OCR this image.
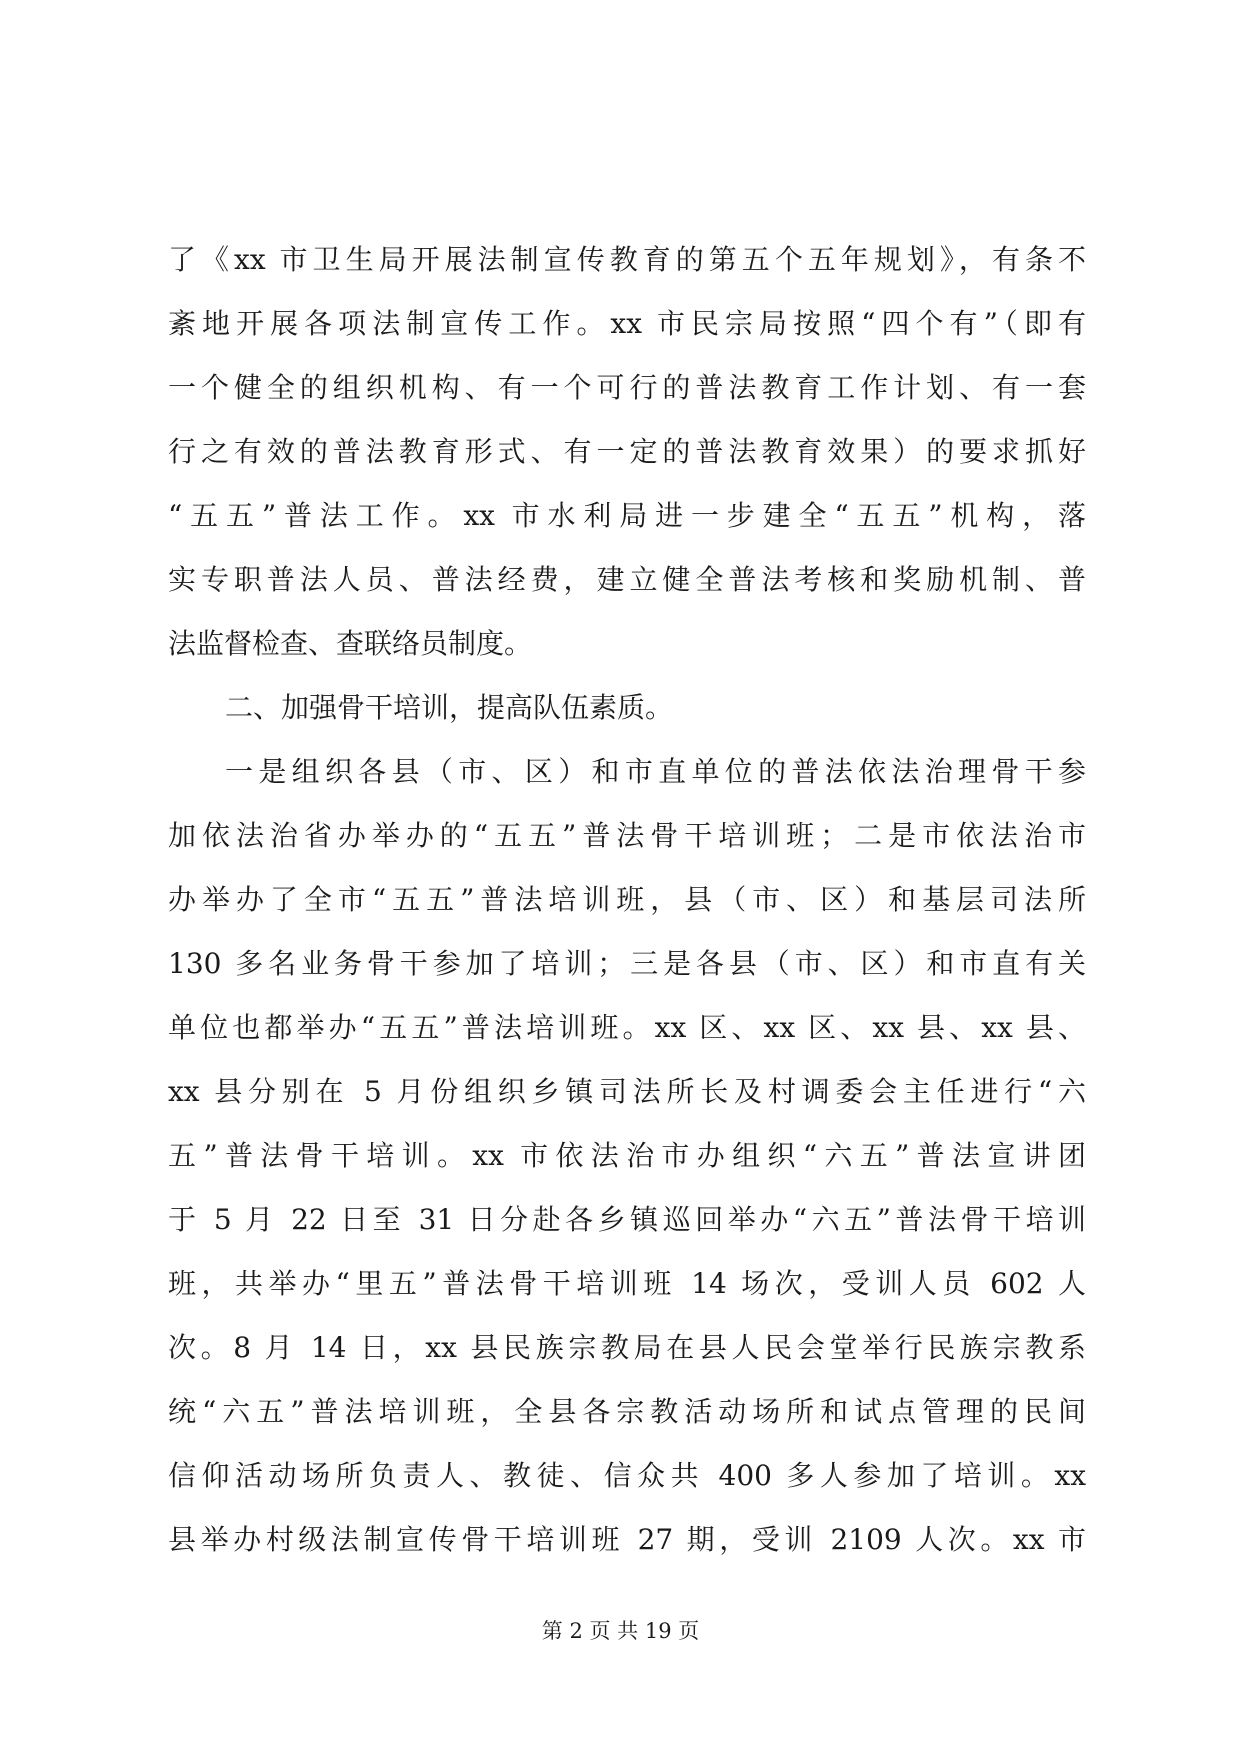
了《xx 市卫生局开展法制宣传教育的第五个五年规划》，有条不
紊地开展各项法制宣传工作。xx 市民宗局按照“四个有”（即有
一个健全的组织机构、有一个可行的普法教育工作计划、有一套
行之有效的普法教育形式、有一定的普法教育效果）的要求抓好
“五五”普法工作。xx 市水利局进一步建全“五五”机构，落
实专职普法人员、普法经费，建立健全普法考核和奖励机制、普
法监督检查、查联络员制度。
二、加强骨干培训，提高队伍素质。
一是组织各县（市、区）和市直单位的普法依法治理骨干参
加依法治省办举办的“五五”普法骨干培训班；二是市依法治市
办举办了全市“五五”普法培训班，县（市、区）和基层司法所
130 多名业务骨干参加了培训；三是各县（市、区）和市直有关
单位也都举办“五五”普法培训班。xx 区、xx 区、xx 县、xx 县、
xx 县分别在 5 月份组织乡镇司法所长及村调委会主任进行“六
五”普法骨干培训。xx 市依法治市办组织“六五”普法宣讲团
于 5 月 22 日至 31 日分赴各乡镇巡回举办“六五”普法骨干培训
班，共举办“里五”普法骨干培训班 14 场次，受训人员 602 人
次。8 月 14 日，xx 县民族宗教局在县人民会堂举行民族宗教系
统“六五”普法培训班，全县各宗教活动场所和试点管理的民间
信仰活动场所负责人、教徒、信众共 400 多人参加了培训。xx
县举办村级法制宣传骨干培训班 27 期，受训 2109 人次。xx 市
第 2 页 共 19 页
